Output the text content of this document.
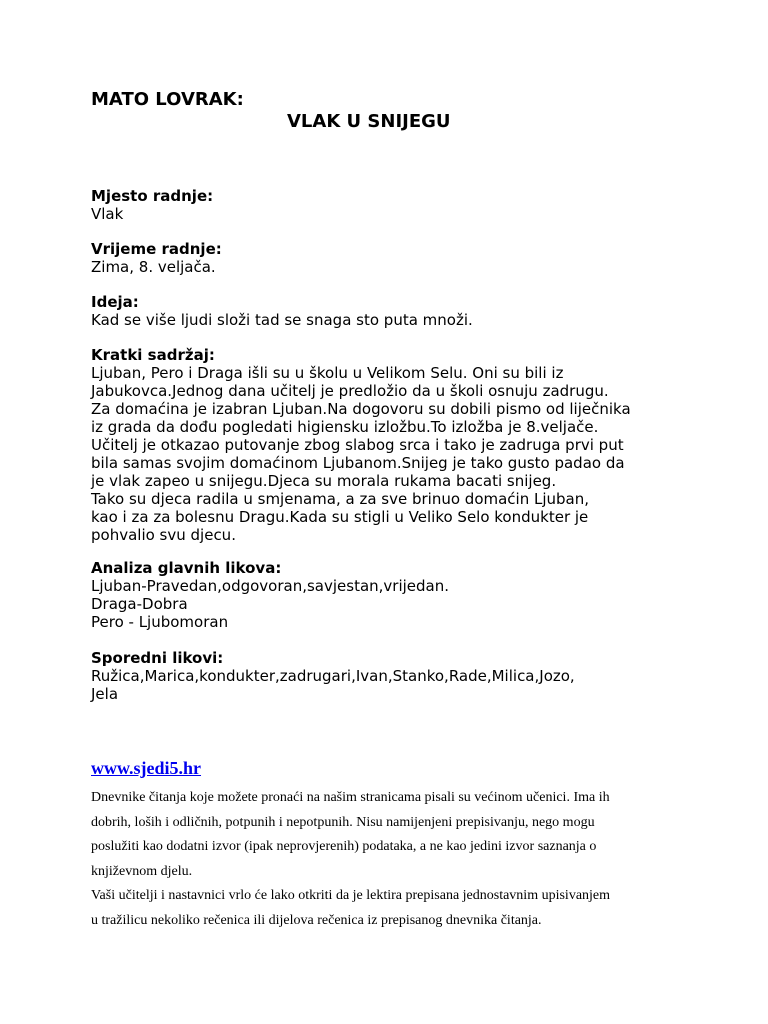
MATO LOVRAK:
VLAK U SNIJEGU
Mjesto radnje:
Vlak
Vrijeme radnje:
Zima, 8. veljača.
Ideja:
Kad se više ljudi složi tad se snaga sto puta množi.
Kratki sadržaj:
Ljuban, Pero i Draga išli su u školu u Velikom Selu. Oni su bili iz
Jabukovca.Jednog dana učitelj je predložio da u školi osnuju zadrugu.
Za domaćina je izabran Ljuban.Na dogovoru su dobili pismo od liječnika
iz grada da dođu pogledati higiensku izložbu.To izložba je 8.veljače.
Učitelj je otkazao putovanje zbog slabog srca i tako je zadruga prvi put
bila samas svojim domaćinom Ljubanom.Snijeg je tako gusto padao da
je vlak zapeo u snijegu.Djeca su morala rukama bacati snijeg.
Tako su djeca radila u smjenama, a za sve brinuo domaćin Ljuban,
kao i za za bolesnu Dragu.Kada su stigli u Veliko Selo kondukter je
pohvalio svu djecu.
Analiza glavnih likova:
Ljuban-Pravedan,odgovoran,savjestan,vrijedan.
Draga-Dobra
Pero - Ljubomoran
Sporedni likovi:
Ružica,Marica,kondukter,zadrugari,Ivan,Stanko,Rade,Milica,Jozo,
Jela
www.sjedi5.hr
Dnevnike čitanja koje možete pronaći na našim stranicama pisali su većinom učenici. Ima ih
dobrih, loših i odličnih, potpunih i nepotpunih. Nisu namijenjeni prepisivanju, nego mogu
poslužiti kao dodatni izvor (ipak neprovjerenih) podataka, a ne kao jedini izvor saznanja o
književnom djelu.
Vaši učitelji i nastavnici vrlo će lako otkriti da je lektira prepisana jednostavnim upisivanjem
u tražilicu nekoliko rečenica ili dijelova rečenica iz prepisanog dnevnika čitanja.
